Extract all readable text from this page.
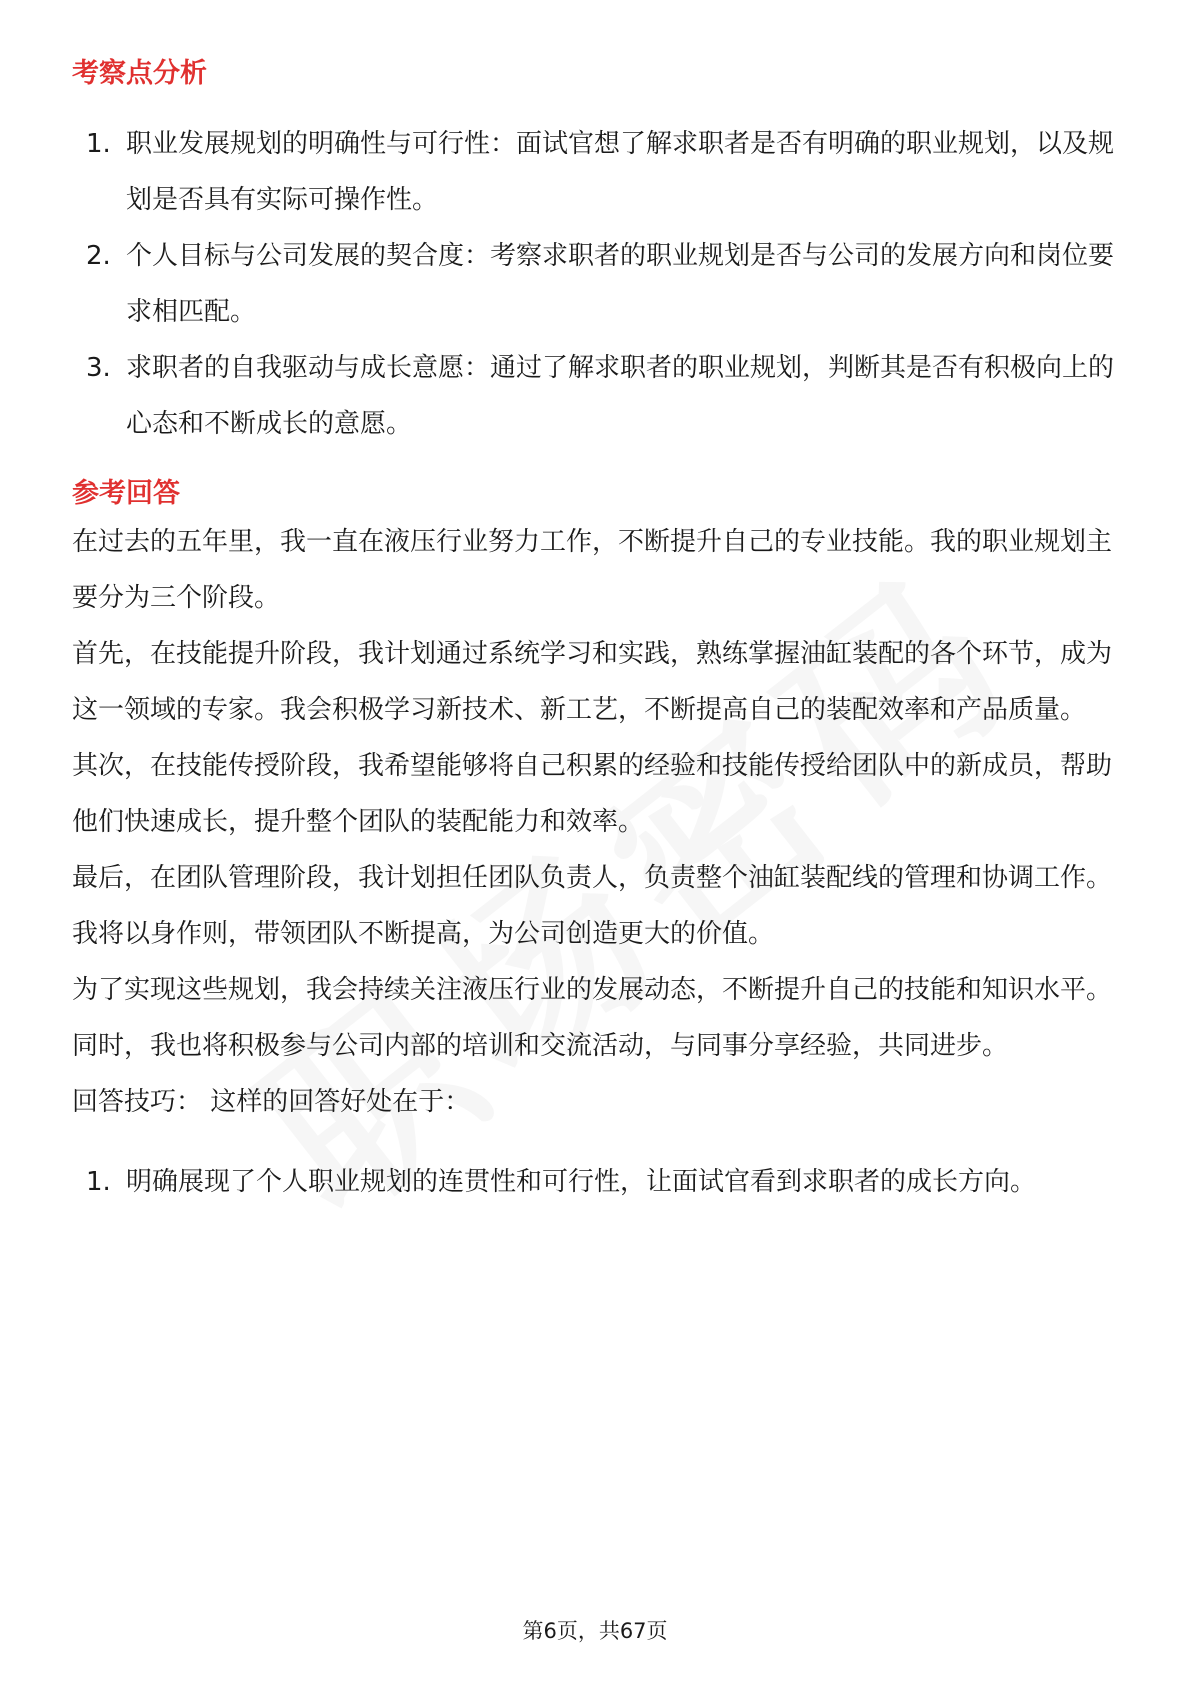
考察点分析
1. 职业发展规划的明确性与可行性：面试官想了解求职者是否有明确的职业规划，以及规划是否具有实际可操作性。
2. 个人目标与公司发展的契合度：考察求职者的职业规划是否与公司的发展方向和岗位要求相匹配。
3. 求职者的自我驱动与成长意愿：通过了解求职者的职业规划，判断其是否有积极向上的心态和不断成长的意愿。
参考回答

在过去的五年里，我一直在液压行业努力工作，不断提升自己的专业技能。我的职业规划主要分为三个阶段。

首先，在技能提升阶段，我计划通过系统学习和实践，熟练掌握油缸装配的各个环节，成为这一领域的专家。我会积极学习新技术、新工艺，不断提高自己的装配效率和产品质量。

其次，在技能传授阶段，我希望能够将自己积累的经验和技能传授给团队中的新成员，帮助他们快速成长，提升整个团队的装配能力和效率。

最后，在团队管理阶段，我计划担任团队负责人，负责整个油缸装配线的管理和协调工作。我将以身作则，带领团队不断提高，为公司创造更大的价值。

为了实现这些规划，我会持续关注液压行业的发展动态，不断提升自己的技能和知识水平。同时，我也将积极参与公司内部的培训和交流活动，与同事分享经验，共同进步。

回答技巧： 这样的回答好处在于：

1. 明确展现了个人职业规划的连贯性和可行性，让面试官看到求职者的成长方向。
第6页，共67页
